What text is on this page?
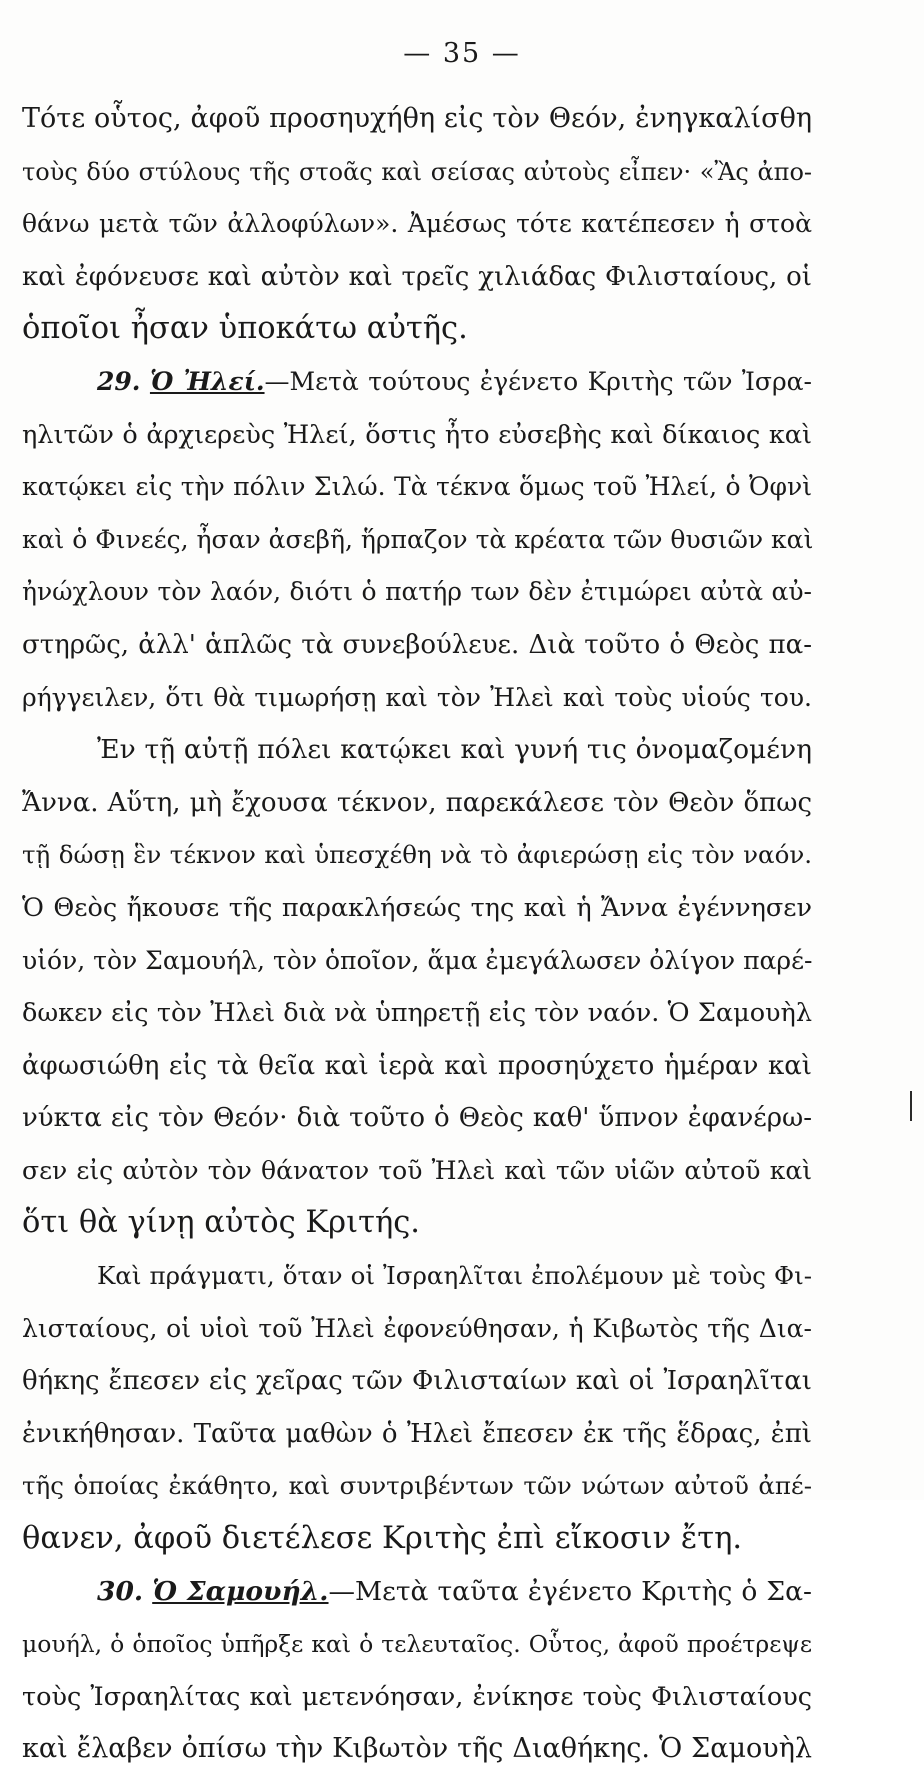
— 35 —
Τότε οὗτος, ἀφοῦ προσηυχήθη εἰς τὸν Θεόν, ἐνηγκαλίσθη
τοὺς δύο στύλους τῆς στοᾶς καὶ σείσας αὐτοὺς εἶπεν· «Ἂς ἀπο-
θάνω μετὰ τῶν ἀλλοφύλων». Ἀμέσως τότε κατέπεσεν ἡ στοὰ
καὶ ἐφόνευσε καὶ αὐτὸν καὶ τρεῖς χιλιάδας Φιλισταίους, οἱ
ὁποῖοι ἦσαν ὑποκάτω αὐτῆς.
29. Ὁ Ἠλεί.—Μετὰ τούτους ἐγένετο Κριτὴς τῶν Ἰσρα-
ηλιτῶν ὁ ἀρχιερεὺς Ἠλεί, ὅστις ἦτο εὐσεβὴς καὶ δίκαιος καὶ
κατῴκει εἰς τὴν πόλιν Σιλώ. Τὰ τέκνα ὅμως τοῦ Ἠλεί, ὁ Ὀφνὶ
καὶ ὁ Φινεές, ἦσαν ἀσεβῆ, ἥρπαζον τὰ κρέατα τῶν θυσιῶν καὶ
ἠνώχλουν τὸν λαόν, διότι ὁ πατήρ των δὲν ἐτιμώρει αὐτὰ αὐ-
στηρῶς, ἀλλ' ἁπλῶς τὰ συνεβούλευε. Διὰ τοῦτο ὁ Θεὸς πα-
ρήγγειλεν, ὅτι θὰ τιμωρήσῃ καὶ τὸν Ἠλεὶ καὶ τοὺς υἱούς του.
Ἐν τῇ αὐτῇ πόλει κατῴκει καὶ γυνή τις ὀνομαζομένη
Ἄννα. Αὕτη, μὴ ἔχουσα τέκνον, παρεκάλεσε τὸν Θεὸν ὅπως
τῇ δώσῃ ἓν τέκνον καὶ ὑπεσχέθη νὰ τὸ ἀφιερώσῃ εἰς τὸν ναόν.
Ὁ Θεὸς ἤκουσε τῆς παρακλήσεώς της καὶ ἡ Ἄννα ἐγέννησεν
υἱόν, τὸν Σαμουήλ, τὸν ὁποῖον, ἅμα ἐμεγάλωσεν ὀλίγον παρέ-
δωκεν εἰς τὸν Ἠλεὶ διὰ νὰ ὑπηρετῇ εἰς τὸν ναόν. Ὁ Σαμουὴλ
ἀφωσιώθη εἰς τὰ θεῖα καὶ ἱερὰ καὶ προσηύχετο ἡμέραν καὶ
νύκτα εἰς τὸν Θεόν· διὰ τοῦτο ὁ Θεὸς καθ' ὕπνον ἐφανέρω-
σεν εἰς αὐτὸν τὸν θάνατον τοῦ Ἠλεὶ καὶ τῶν υἱῶν αὐτοῦ καὶ
ὅτι θὰ γίνῃ αὐτὸς Κριτής.
Καὶ πράγματι, ὅταν οἱ Ἰσραηλῖται ἐπολέμουν μὲ τοὺς Φι-
λισταίους, οἱ υἱοὶ τοῦ Ἠλεὶ ἐφονεύθησαν, ἡ Κιβωτὸς τῆς Δια-
θήκης ἔπεσεν εἰς χεῖρας τῶν Φιλισταίων καὶ οἱ Ἰσραηλῖται
ἐνικήθησαν. Ταῦτα μαθὼν ὁ Ἠλεὶ ἔπεσεν ἐκ τῆς ἕδρας, ἐπὶ
τῆς ὁποίας ἐκάθητο, καὶ συντριβέντων τῶν νώτων αὐτοῦ ἀπέ-
θανεν, ἀφοῦ διετέλεσε Κριτὴς ἐπὶ εἴκοσιν ἔτη.
30. Ὁ Σαμουήλ.—Μετὰ ταῦτα ἐγένετο Κριτὴς ὁ Σα-
μουήλ, ὁ ὁποῖος ὑπῆρξε καὶ ὁ τελευταῖος. Οὗτος, ἀφοῦ προέτρεψε
τοὺς Ἰσραηλίτας καὶ μετενόησαν, ἐνίκησε τοὺς Φιλισταίους
καὶ ἔλαβεν ὀπίσω τὴν Κιβωτὸν τῆς Διαθήκης. Ὁ Σαμουὴλ
